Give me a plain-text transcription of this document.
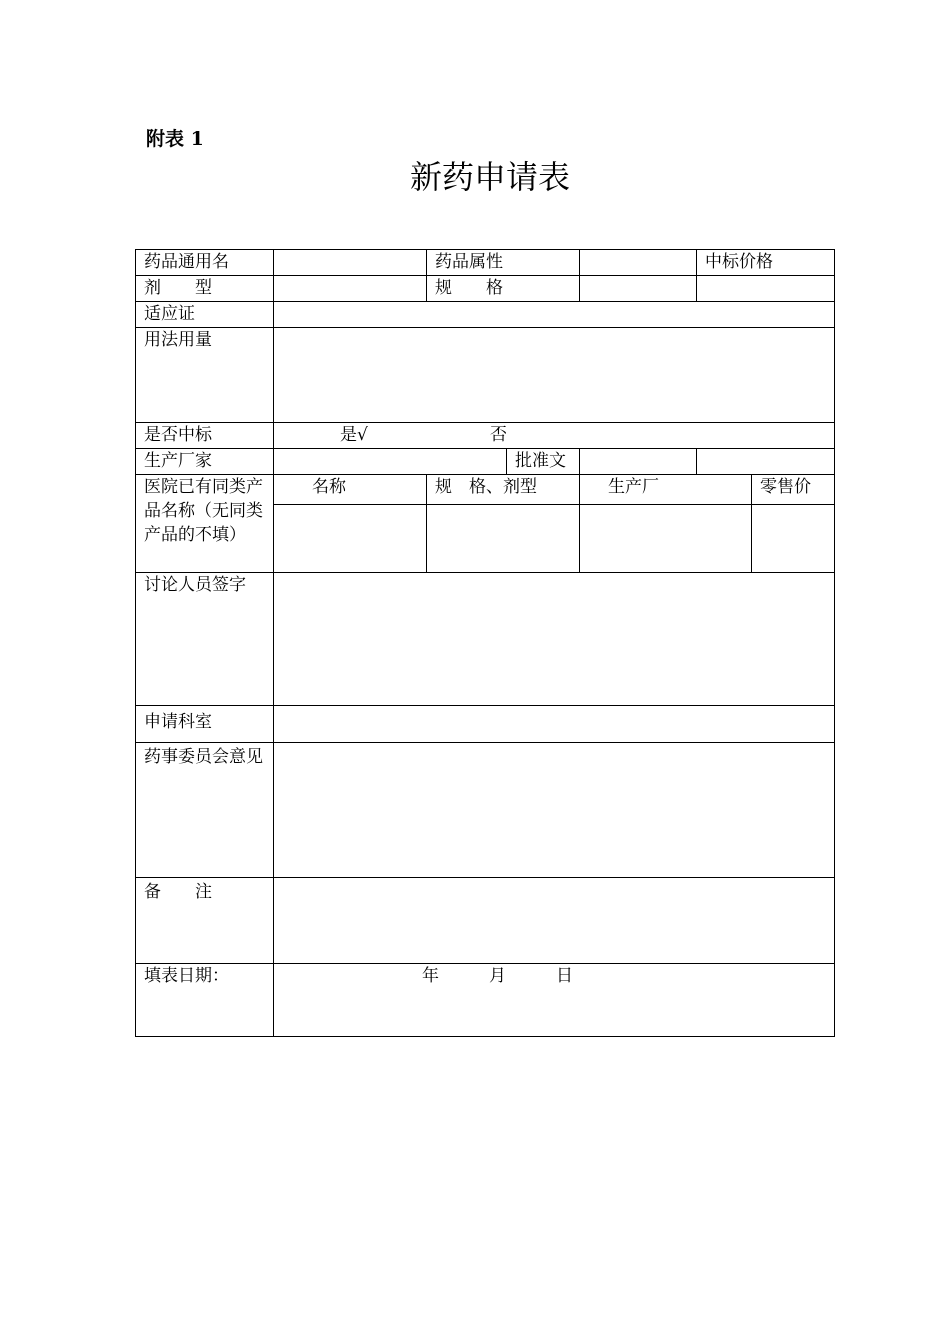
附表 1
新药申请表
药品通用名		药品属性		中标价格	
剂　　型		规　　格			
适应证					
用法用量					
是否中标	是√ 否				
生产厂家	批准文				

医院已有同类产品名称（无同类产品的不填）	名称	规　格、剂型	生产厂		零售价

讨论人员签字					
申请科室					
药事委员会意见					
备　　注					
填表日期：	年 月 日				
